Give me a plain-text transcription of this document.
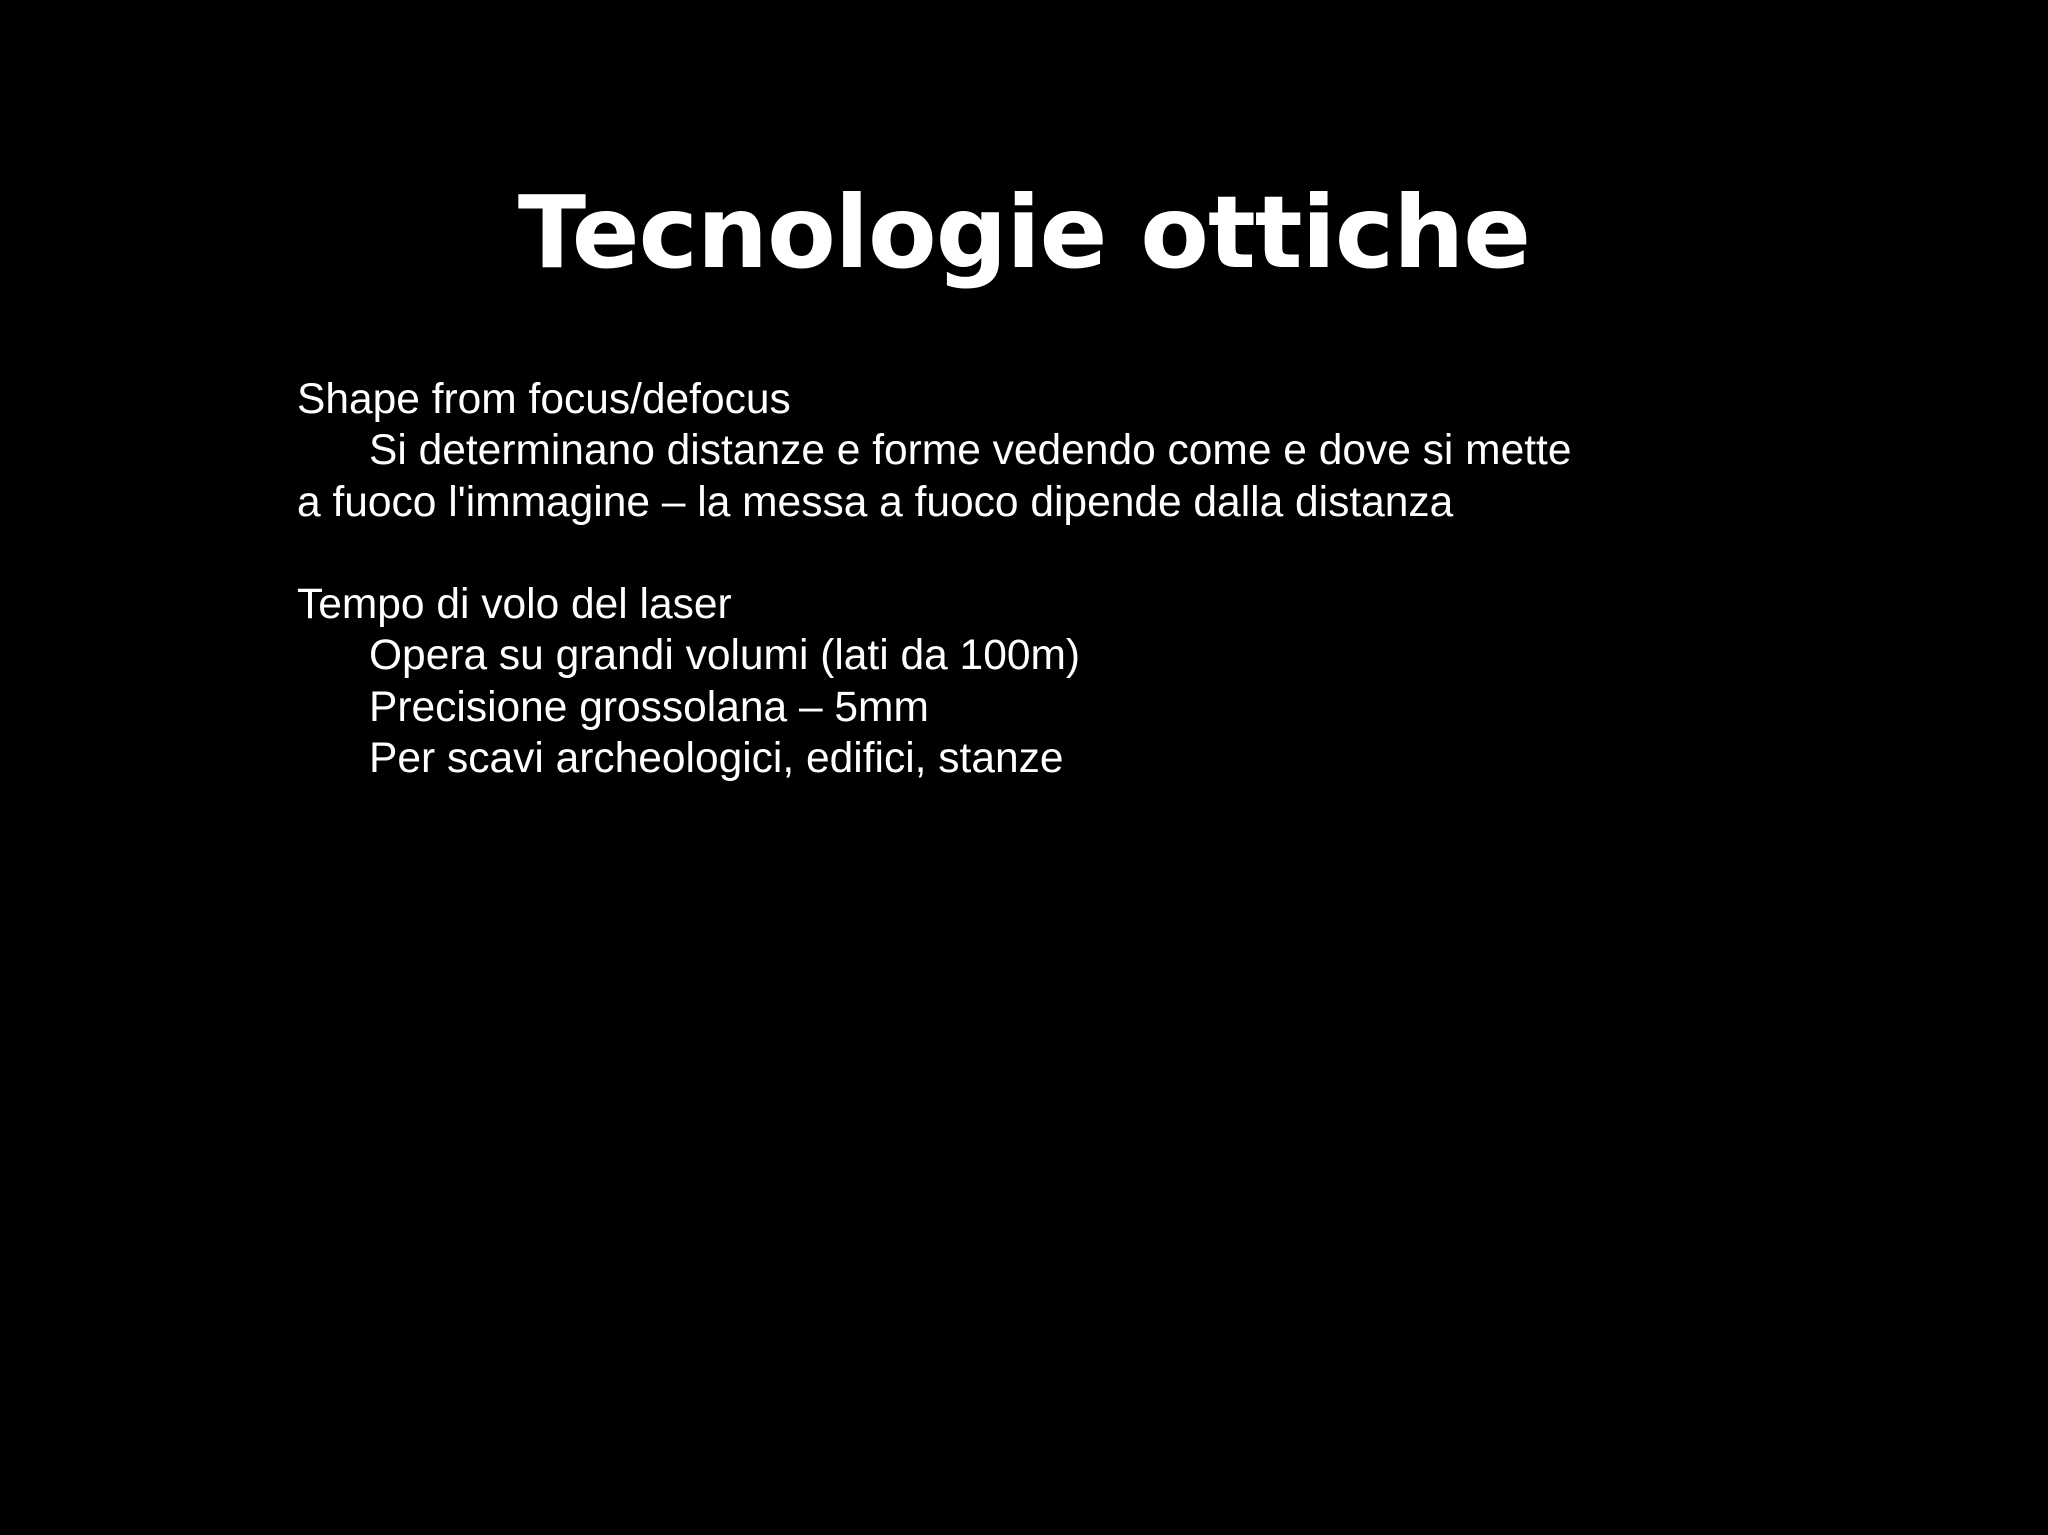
Tecnologie ottiche
Shape from focus/defocus
Si determinano distanze e forme vedendo come e dove si mette a fuoco l'immagine – la messa a fuoco dipende dalla distanza
Tempo di volo del laser
Opera su grandi volumi (lati da 100m)
Precisione grossolana – 5mm
Per scavi archeologici, edifici, stanze
